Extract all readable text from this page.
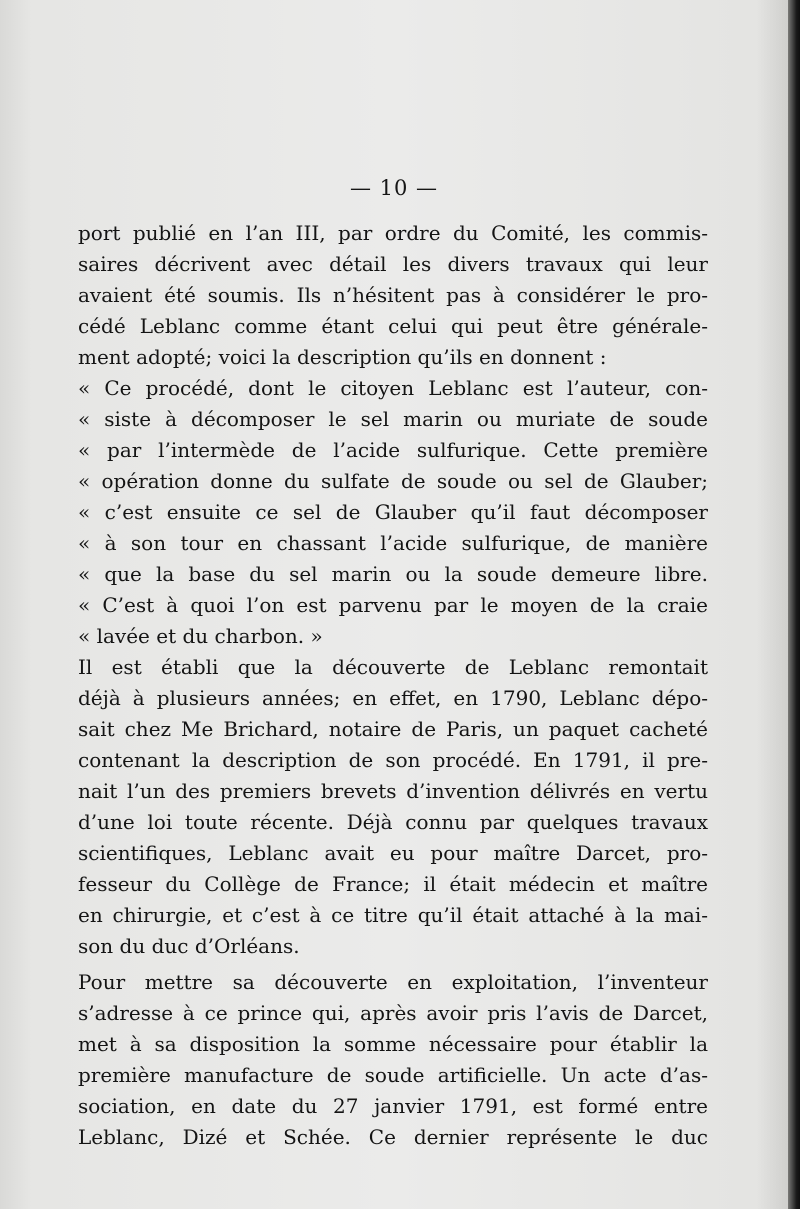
— 10 —
port publié en l’an III, par ordre du Comité, les commis-
saires décrivent avec détail les divers travaux qui leur
avaient été soumis. Ils n’hésitent pas à considérer le pro-
cédé Leblanc comme étant celui qui peut être générale-
ment adopté; voici la description qu’ils en donnent :
« Ce procédé, dont le citoyen Leblanc est l’auteur, con-
« siste à décomposer le sel marin ou muriate de soude
« par l’intermède de l’acide sulfurique. Cette première
« opération donne du sulfate de soude ou sel de Glauber;
« c’est ensuite ce sel de Glauber qu’il faut décomposer
« à son tour en chassant l’acide sulfurique, de manière
« que la base du sel marin ou la soude demeure libre.
« C’est à quoi l’on est parvenu par le moyen de la craie
« lavée et du charbon. »
Il est établi que la découverte de Leblanc remontait
déjà à plusieurs années; en effet, en 1790, Leblanc dépo-
sait chez Me Brichard, notaire de Paris, un paquet cacheté
contenant la description de son procédé. En 1791, il pre-
nait l’un des premiers brevets d’invention délivrés en vertu
d’une loi toute récente. Déjà connu par quelques travaux
scientifiques, Leblanc avait eu pour maître Darcet, pro-
fesseur du Collège de France; il était médecin et maître
en chirurgie, et c’est à ce titre qu’il était attaché à la mai-
son du duc d’Orléans.
Pour mettre sa découverte en exploitation, l’inventeur
s’adresse à ce prince qui, après avoir pris l’avis de Darcet,
met à sa disposition la somme nécessaire pour établir la
première manufacture de soude artificielle. Un acte d’as-
sociation, en date du 27 janvier 1791, est formé entre
Leblanc, Dizé et Schée. Ce dernier représente le duc
